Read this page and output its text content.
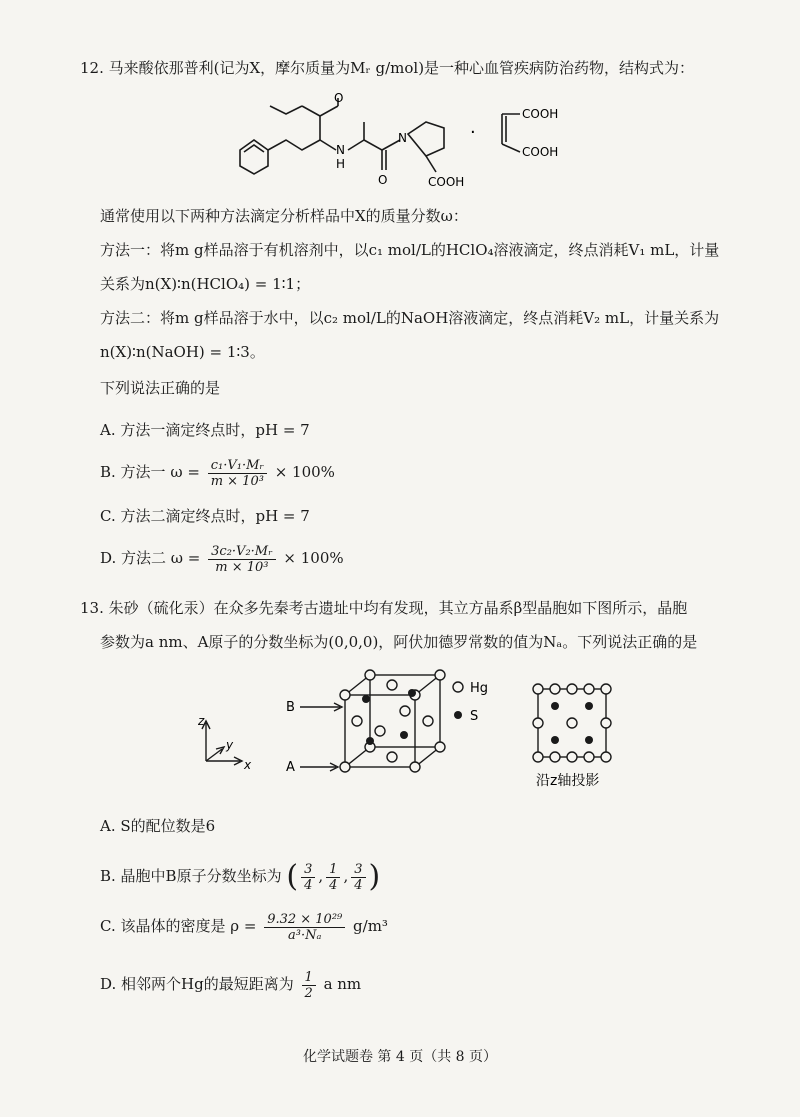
12. 马来酸依那普利(记为X，摩尔质量为Mᵣ g/mol)是一种心血管疾病防治药物，结构式为：
O
N
H
N
O	COOH
·
COOH
COOH
通常使用以下两种方法滴定分析样品中X的质量分数ω：
方法一：将m g样品溶于有机溶剂中，以c₁ mol/L的HClO₄溶液滴定，终点消耗V₁ mL，计量
关系为n(X)∶n(HClO₄) = 1∶1；
方法二：将m g样品溶于水中，以c₂ mol/L的NaOH溶液滴定，终点消耗V₂ mL，计量关系为
n(X)∶n(NaOH) = 1∶3。
下列说法正确的是
A. 方法一滴定终点时，pH = 7
B. 方法一 $\omega = \frac{\text{c₁·V₁·Mᵣ}}{\text{m × 10³}} \times 100\%$
C. 方法二滴定终点时，pH = 7
D. 方法二 $\omega = \frac{\text{3c₂·V₂·Mᵣ}}{\text{m × 10³}} \times 100\%$
13. 朱砂（硫化汞）在众多先秦考古遗址中均有发现，其立方晶系β型晶胞如下图所示，晶胞
参数为a nm、A原子的分数坐标为(0,0,0)，阿伏加德罗常数的值为Nₐ。下列说法正确的是
z
y
x
B
A
Hg
S
沿z轴投影
A. S的配位数是6
B. 晶胞中B原子分数坐标为 ( $\frac{3}{4}$ , $\frac{1}{4}$ , $\frac{3}{4}$ )
C. 该晶体的密度是 $\rho = \frac{\text{9.32 × 10²⁹}}{\text{a³·Nₐ}} g/m^3$
D. 相邻两个Hg的最短距离为 $\frac{1}{2}$ a nm
化学试题卷 第 4 页（共 8 页）
